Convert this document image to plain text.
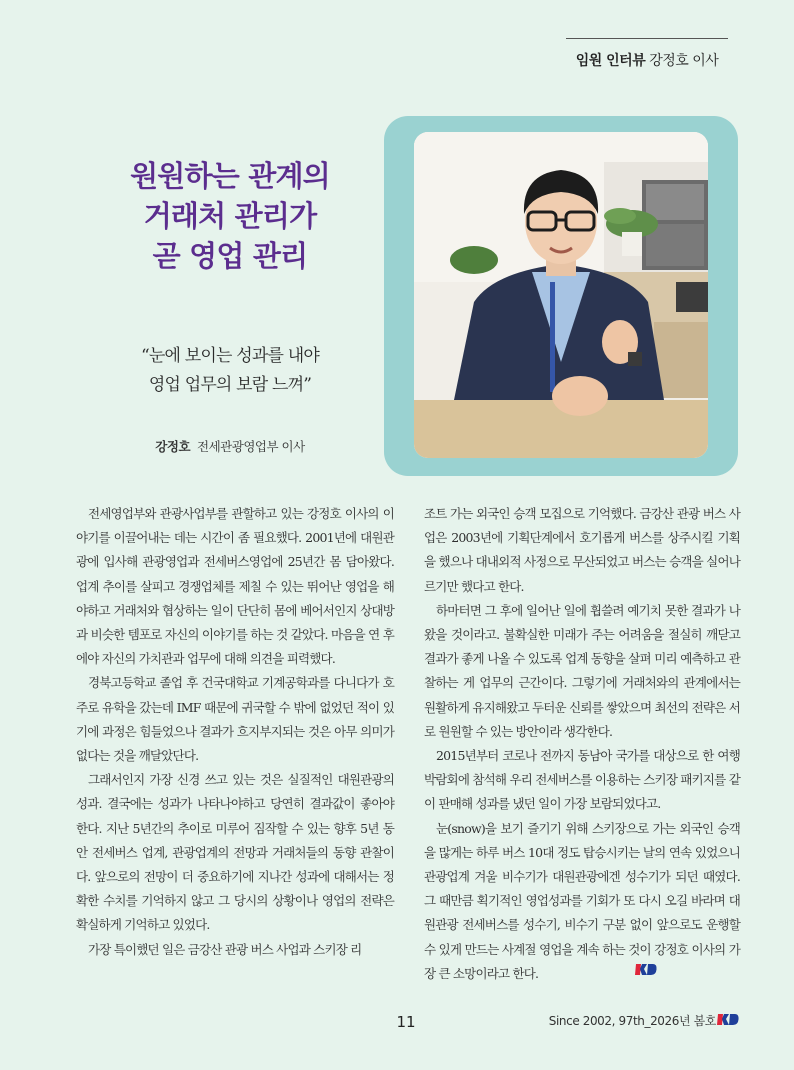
임원 인터뷰 강정호 이사
원원하는 관계의
거래처 관리가
곧 영업 관리
“눈에 보이는 성과를 내야
영업 업무의 보람 느껴”
강정호 전세관광영업부 이사

전세영업부와 관광사업부를 관할하고 있는 강정호 이사의 이야기를 이끌어내는 데는 시간이 좀 필요했다. 2001년에 대원관광에 입사해 관광영업과 전세버스영업에 25년간 몸 담아왔다. 업계 추이를 살피고 경쟁업체를 제칠 수 있는 뛰어난 영업을 해야하고 거래처와 협상하는 일이 단단히 몸에 베어서인지 상대방과 비슷한 템포로 자신의 이야기를 하는 것 같았다. 마음을 연 후에야 자신의 가치관과 업무에 대해 의견을 피력했다.

경북고등학교 졸업 후 건국대학교 기계공학과를 다니다가 호주로 유학을 갔는데 IMF 때문에 귀국할 수 밖에 없었던 적이 있기에 과정은 힘들었으나 결과가 흐지부지되는 것은 아무 의미가 없다는 것을 깨달았단다.

그래서인지 가장 신경 쓰고 있는 것은 실질적인 대원관광의 성과. 결국에는 성과가 나타나야하고 당연히 결과값이 좋아야 한다. 지난 5년간의 추이로 미루어 짐작할 수 있는 향후 5년 동안 전세버스 업계, 관광업계의 전망과 거래처들의 동향 관찰이다. 앞으로의 전망이 더 중요하기에 지나간 성과에 대해서는 정확한 수치를 기억하지 않고 그 당시의 상황이나 영업의 전략은 확실하게 기억하고 있었다.

가장 특이했던 일은 금강산 관광 버스 사업과 스키장 리

조트 가는 외국인 승객 모집으로 기억했다. 금강산 관광 버스 사업은 2003년에 기획단계에서 호기롭게 버스를 상주시킬 기획을 했으나 대내외적 사정으로 무산되었고 버스는 승객을 실어나르기만 했다고 한다.

하마터면 그 후에 일어난 일에 휩쓸려 예기치 못한 결과가 나왔을 것이라고. 불확실한 미래가 주는 어려움을 절실히 깨닫고 결과가 좋게 나올 수 있도록 업계 동향을 살펴 미리 예측하고 관찰하는 게 업무의 근간이다. 그렇기에 거래처와의 관계에서는 원활하게 유지해왔고 두터운 신뢰를 쌓았으며 최선의 전략은 서로 원원할 수 있는 방안이라 생각한다.

2015년부터 코로나 전까지 동남아 국가를 대상으로 한 여행 박람회에 참석해 우리 전세버스를 이용하는 스키장 패키지를 같이 판매해 성과를 냈던 일이 가장 보람되었다고.

눈(snow)을 보기 즐기기 위해 스키장으로 가는 외국인 승객을 많게는 하루 버스 10대 정도 탑승시키는 날의 연속 있었으니 관광업계 겨울 비수기가 대원관광에겐 성수기가 되던 때였다. 그 때만큼 획기적인 영업성과를 기회가 또 다시 오길 바라며 대원관광 전세버스를 성수기, 비수기 구분 없이 앞으로도 운행할 수 있게 만드는 사계절 영업을 계속 하는 것이 강정호 이사의 가장 큰 소망이라고 한다.

11	Since 2002, 97th_2026년 봄호
